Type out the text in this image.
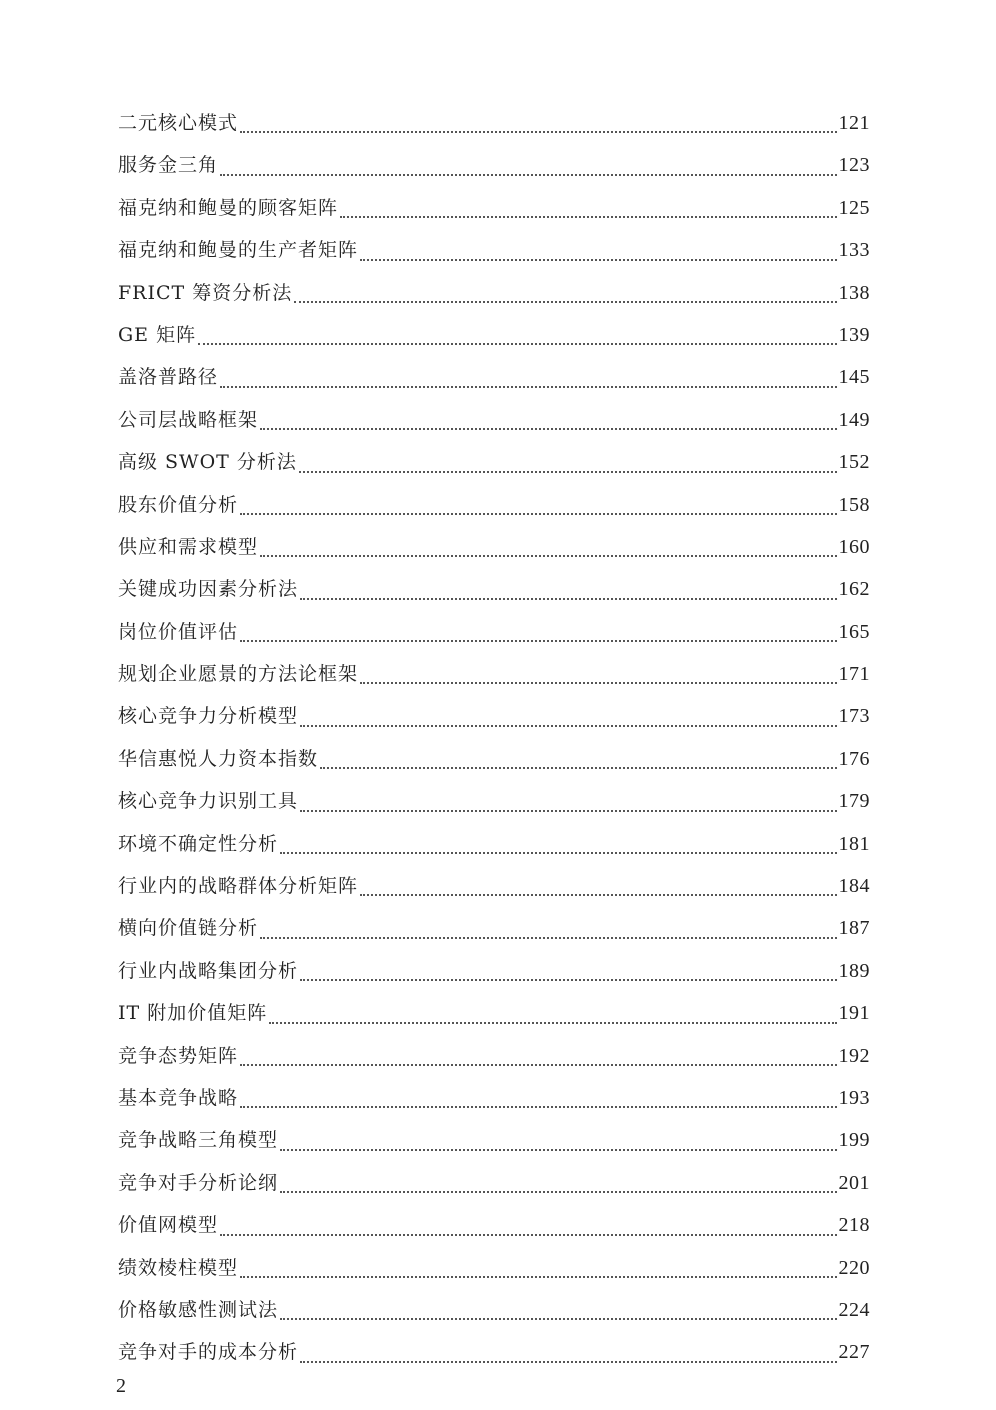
二元核心模式	121
服务金三角	123
福克纳和鲍曼的顾客矩阵	125
福克纳和鲍曼的生产者矩阵	133
FRICT 筹资分析法	138
GE 矩阵	139
盖洛普路径	145
公司层战略框架	149
高级 SWOT 分析法	152
股东价值分析	158
供应和需求模型	160
关键成功因素分析法	162
岗位价值评估	165
规划企业愿景的方法论框架	171
核心竞争力分析模型	173
华信惠悦人力资本指数	176
核心竞争力识别工具	179
环境不确定性分析	181
行业内的战略群体分析矩阵	184
横向价值链分析	187
行业内战略集团分析	189
IT 附加价值矩阵	191
竞争态势矩阵	192
基本竞争战略	193
竞争战略三角模型	199
竞争对手分析论纲	201
价值网模型	218
绩效棱柱模型	220
价格敏感性测试法	224
竞争对手的成本分析	227
2
